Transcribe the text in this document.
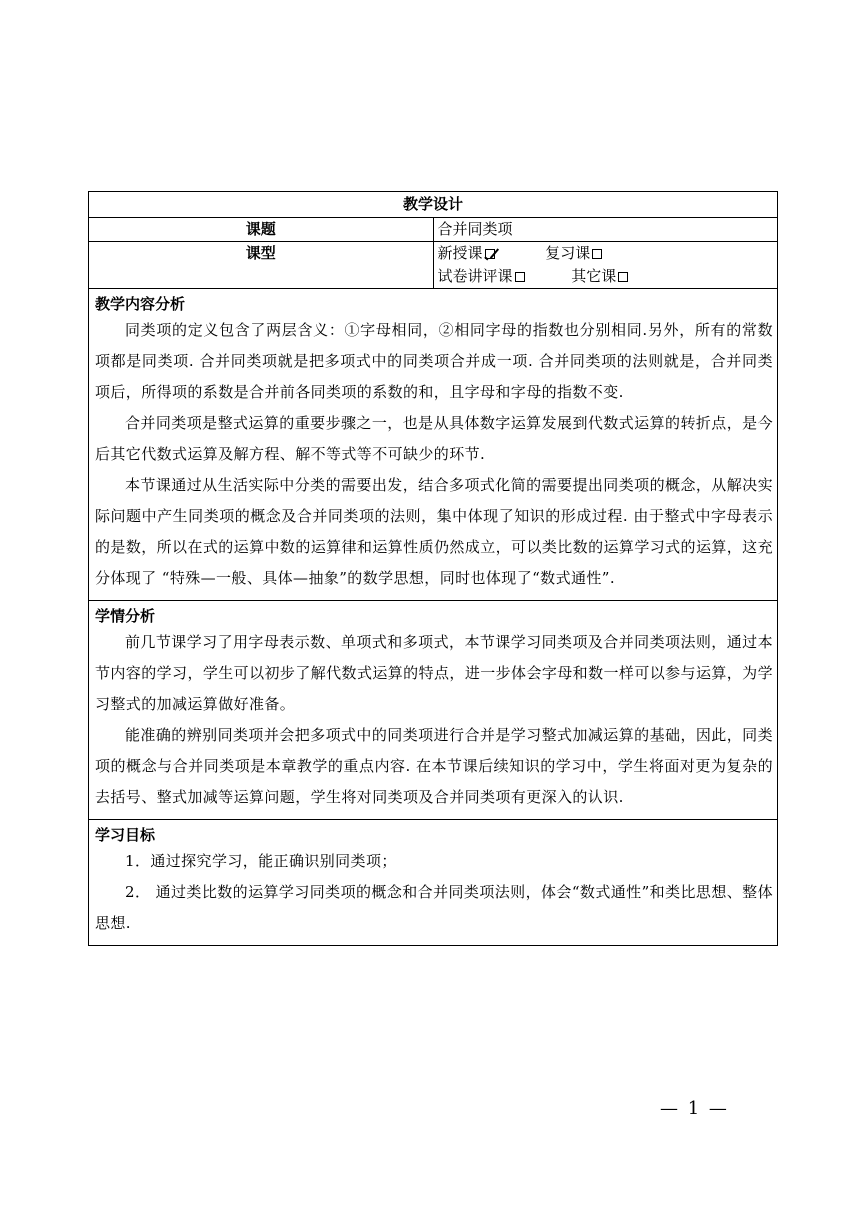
教学设计	
课题	合并同类项
课型	新授课 复习课 试卷讲评课 其它课

教学内容分析

同类项的定义包含了两层含义：①字母相同，②相同字母的指数也分别相同.另外，所有的常数项都是同类项. 合并同类项就是把多项式中的同类项合并成一项. 合并同类项的法则就是，合并同类项后，所得项的系数是合并前各同类项的系数的和，且字母和字母的指数不变.

合并同类项是整式运算的重要步骤之一，也是从具体数字运算发展到代数式运算的转折点，是今后其它代数式运算及解方程、解不等式等不可缺少的环节.

本节课通过从生活实际中分类的需要出发，结合多项式化简的需要提出同类项的概念，从解决实际问题中产生同类项的概念及合并同类项的法则，集中体现了知识的形成过程. 由于整式中字母表示的是数，所以在式的运算中数的运算律和运算性质仍然成立，可以类比数的运算学习式的运算，这充分体现了 “特殊—一般、具体—抽象”的数学思想，同时也体现了“数式通性”.	

学情分析

前几节课学习了用字母表示数、单项式和多项式，本节课学习同类项及合并同类项法则，通过本节内容的学习，学生可以初步了解代数式运算的特点，进一步体会字母和数一样可以参与运算，为学习整式的加减运算做好准备。

能准确的辨别同类项并会把多项式中的同类项进行合并是学习整式加减运算的基础，因此，同类项的概念与合并同类项是本章教学的重点内容. 在本节课后续知识的学习中，学生将面对更为复杂的去括号、整式加减等运算问题，学生将对同类项及合并同类项有更深入的认识.	

学习目标

1．通过探究学习，能正确识别同类项；

2． 通过类比数的运算学习同类项的概念和合并同类项法则，体会“数式通性”和类比思想、整体思想.	

— 1 —
